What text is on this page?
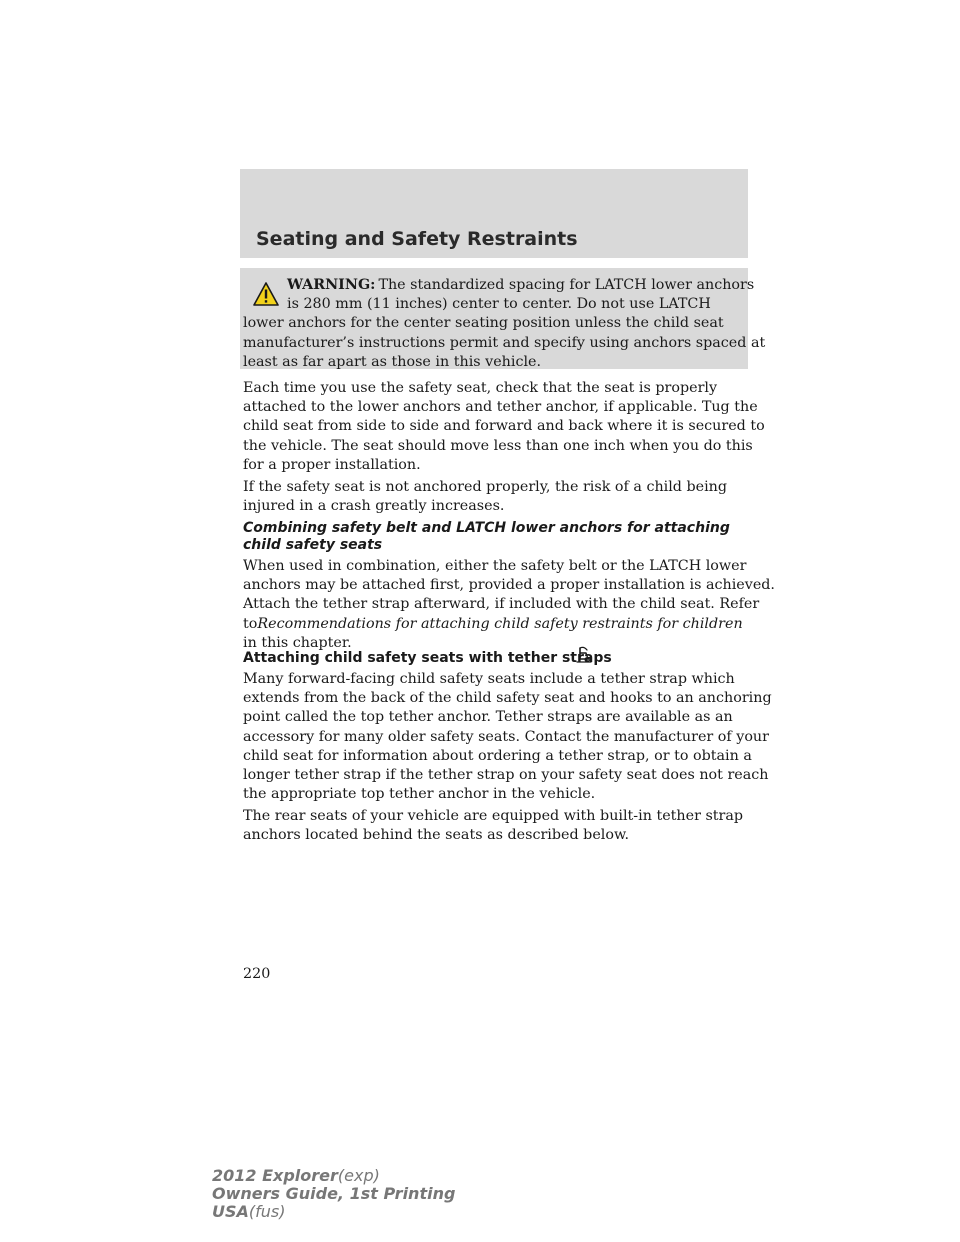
Seating and Safety Restraints
WARNING: The standardized spacing for LATCH lower anchors
is 280 mm (11 inches) center to center. Do not use LATCH
lower anchors for the center seating position unless the child seat
manufacturer’s instructions permit and specify using anchors spaced at
least as far apart as those in this vehicle.
Each time you use the safety seat, check that the seat is properly
attached to the lower anchors and tether anchor, if applicable. Tug the
child seat from side to side and forward and back where it is secured to
the vehicle. The seat should move less than one inch when you do this
for a proper installation.
If the safety seat is not anchored properly, the risk of a child being
injured in a crash greatly increases.
Combining safety belt and LATCH lower anchors for attaching
child safety seats
When used in combination, either the safety belt or the LATCH lower
anchors may be attached first, provided a proper installation is achieved.
Attach the tether strap afterward, if included with the child seat. Refer
toRecommendations for attaching child safety restraints for children
in this chapter.
Attaching child safety seats with tether straps
Many forward-facing child safety seats include a tether strap which
extends from the back of the child safety seat and hooks to an anchoring
point called the top tether anchor. Tether straps are available as an
accessory for many older safety seats. Contact the manufacturer of your
child seat for information about ordering a tether strap, or to obtain a
longer tether strap if the tether strap on your safety seat does not reach
the appropriate top tether anchor in the vehicle.
The rear seats of your vehicle are equipped with built-in tether strap
anchors located behind the seats as described below.
220
2012 Explorer(exp)
Owners Guide, 1st Printing
USA(fus)
